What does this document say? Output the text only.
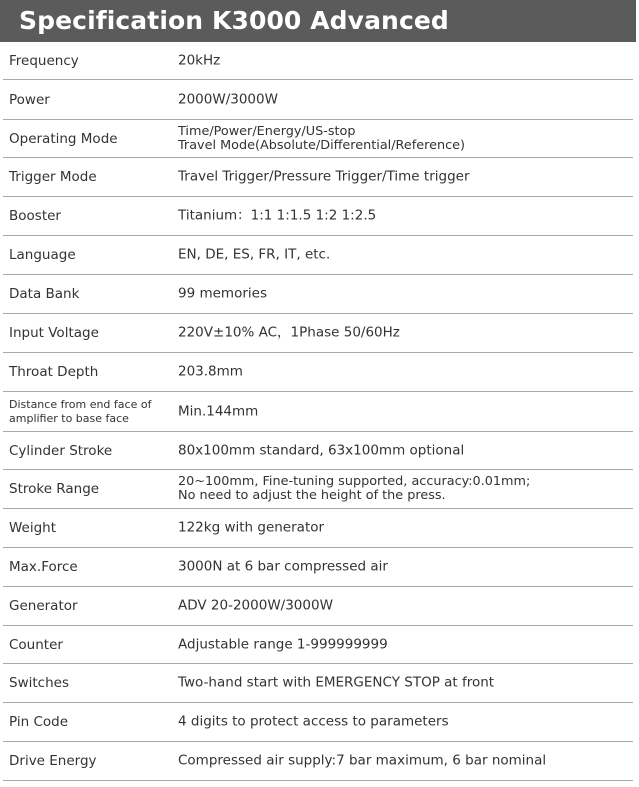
Specification K3000 Advanced
Frequency	20kHz
Power	2000W/3000W
Operating Mode	Time/Power/Energy/US-stop
Travel Mode(Absolute/Differential/Reference)
Trigger Mode	Travel Trigger/Pressure Trigger/Time trigger
Booster	Titanium：1:1 1:1.5 1:2 1:2.5
Language	EN, DE, ES, FR, IT, etc.
Data Bank	99 memories
Input Voltage	220V±10% AC，1Phase 50/60Hz
Throat Depth	203.8mm
Distance from end face of amplifier to base face	Min.144mm
Cylinder Stroke	80x100mm standard, 63x100mm optional
Stroke Range	20~100mm, Fine-tuning supported, accuracy:0.01mm;
No need to adjust the height of the press.
Weight	122kg with generator
Max.Force	3000N at 6 bar compressed air
Generator	ADV 20-2000W/3000W
Counter	Adjustable range 1-999999999
Switches	Two-hand start with EMERGENCY STOP at front
Pin Code	4 digits to protect access to parameters
Drive Energy	Compressed air supply:7 bar maximum, 6 bar nominal
